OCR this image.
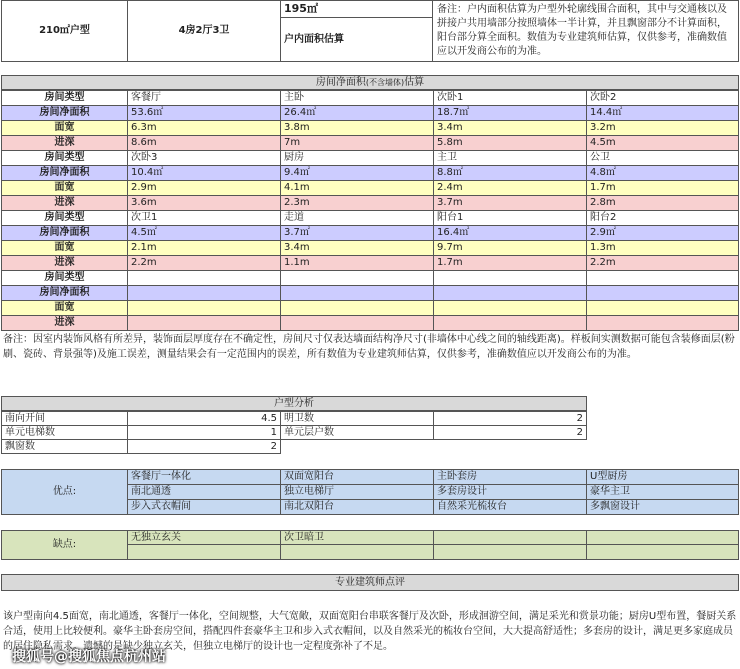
210㎡户型	4房2厅3卫
195㎡
户内面积估算
备注：户内面积估算为户型外轮廓线围合面积，其中与交通核以及拼接户共用墙部分按照墙体一半计算，并且飘窗部分不计算面积，阳台部分算全面积。数值为专业建筑师估算，仅供参考，准确数值应以开发商公布的为准。
房间净面积(不含墙体)估算
房间类型	客餐厅	主卧	次卧1	次卧2
房间净面积	53.6㎡	26.4㎡	18.7㎡	14.4㎡
面宽	6.3m	3.8m	3.4m	3.2m
进深	8.6m	7m	5.8m	4.5m
房间类型	次卧3	厨房	主卫	公卫
房间净面积	10.4㎡	9.4㎡	8.8㎡	4.8㎡
面宽	2.9m	4.1m	2.4m	1.7m
进深	3.6m	2.3m	3.7m	2.8m
房间类型	次卫1	走道	阳台1	阳台2
房间净面积	4.5㎡	3.7㎡	16.4㎡	2.9㎡
面宽	2.1m	3.4m	9.7m	1.3m
进深	2.2m	1.1m	1.7m	2.2m
房间类型
房间净面积
面宽
进深
备注：因室内装饰风格有所差异，装饰面层厚度存在不确定性，房间尺寸仅表达墙面结构净尺寸(非墙体中心线之间的轴线距离)。样板间实测数据可能包含装修面层(粉刷、瓷砖、背景强等)及施工误差，测量结果会有一定范围内的误差，所有数值为专业建筑师估算，仅供参考，准确数值应以开发商公布的为准。
户型分析
南向开间	4.5 明卫数	2
单元电梯数	1 单元层户数	2
飘窗数	2
优点:
客餐厅一体化	双面宽阳台	主卧套房	U型厨房
南北通透	独立电梯厅	多套房设计	豪华主卫
步入式衣帽间	南北双阳台	自然采光梳妆台	多飘窗设计
缺点:
无独立玄关	次卫暗卫
专业建筑师点评
该户型南向4.5面宽，南北通透，客餐厅一体化，空间规整，大气宽敞，双面宽阳台串联客餐厅及次卧，形成洄游空间，满足采光和赏景功能；厨房U型布置，餐厨关系合适，使用上比较便利。豪华主卧套房空间，搭配四件套豪华主卫和步入式衣帽间，以及自然采光的梳妆台空间，大大提高舒适性；多套房的设计，满足更多家庭成员的居住隐私需求。遗憾的是缺少独立玄关，但独立电梯厅的设计也一定程度弥补了不足。
搜狐号@搜狐焦点杭州站
